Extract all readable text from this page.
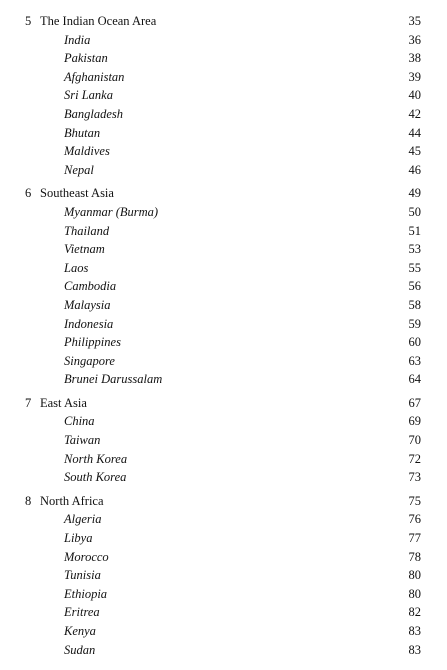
5 The Indian Ocean Area	35
India	36
Pakistan	38
Afghanistan	39
Sri Lanka	40
Bangladesh	42
Bhutan	44
Maldives	45
Nepal	46
6 Southeast Asia	49
Myanmar (Burma)	50
Thailand	51
Vietnam	53
Laos	55
Cambodia	56
Malaysia	58
Indonesia	59
Philippines	60
Singapore	63
Brunei Darussalam	64
7 East Asia	67
China	69
Taiwan	70
North Korea	72
South Korea	73
8 North Africa	75
Algeria	76
Libya	77
Morocco	78
Tunisia	80
Ethiopia	80
Eritrea	82
Kenya	83
Sudan	83
